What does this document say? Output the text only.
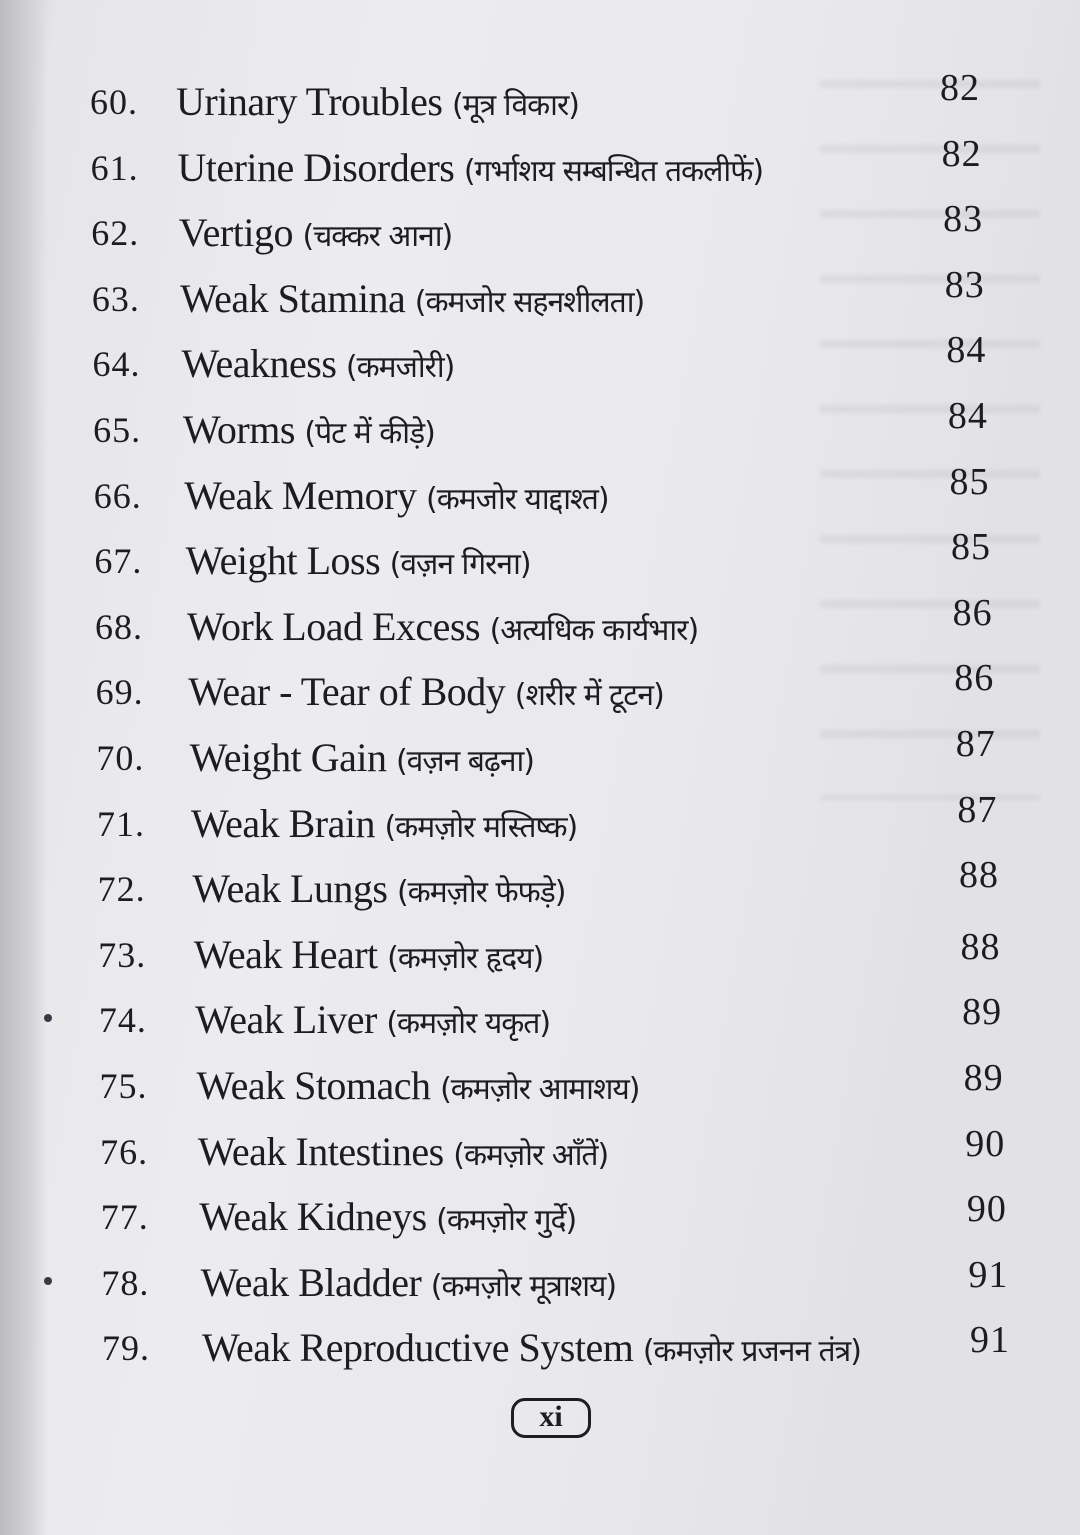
60. Urinary Troubles (मूत्र विकार)	82
61. Uterine Disorders (गर्भाशय सम्बन्धित तकलीफें)	82
62. Vertigo (चक्कर आना)	83
63. Weak Stamina (कमजोर सहनशीलता)	83
64. Weakness (कमजोरी)	84
65. Worms (पेट में कीड़े)	84
66. Weak Memory (कमजोर याद्दाश्त)	85
67. Weight Loss (वज़न गिरना)	85
68. Work Load Excess (अत्यधिक कार्यभार)	86
69. Wear - Tear of Body (शरीर में टूटन)	86
70. Weight Gain (वज़न बढ़ना)	87
71. Weak Brain (कमज़ोर मस्तिष्क)	87
72. Weak Lungs (कमज़ोर फेफड़े)	88
73. Weak Heart (कमज़ोर हृदय)	88
74. Weak Liver (कमज़ोर यकृत)	89
75. Weak Stomach (कमज़ोर आमाशय)	89
76. Weak Intestines (कमज़ोर आँतें)	90
77. Weak Kidneys (कमज़ोर गुर्दे)	90
78. Weak Bladder (कमज़ोर मूत्राशय)	91
79. Weak Reproductive System (कमज़ोर प्रजनन तंत्र)	91
xi
